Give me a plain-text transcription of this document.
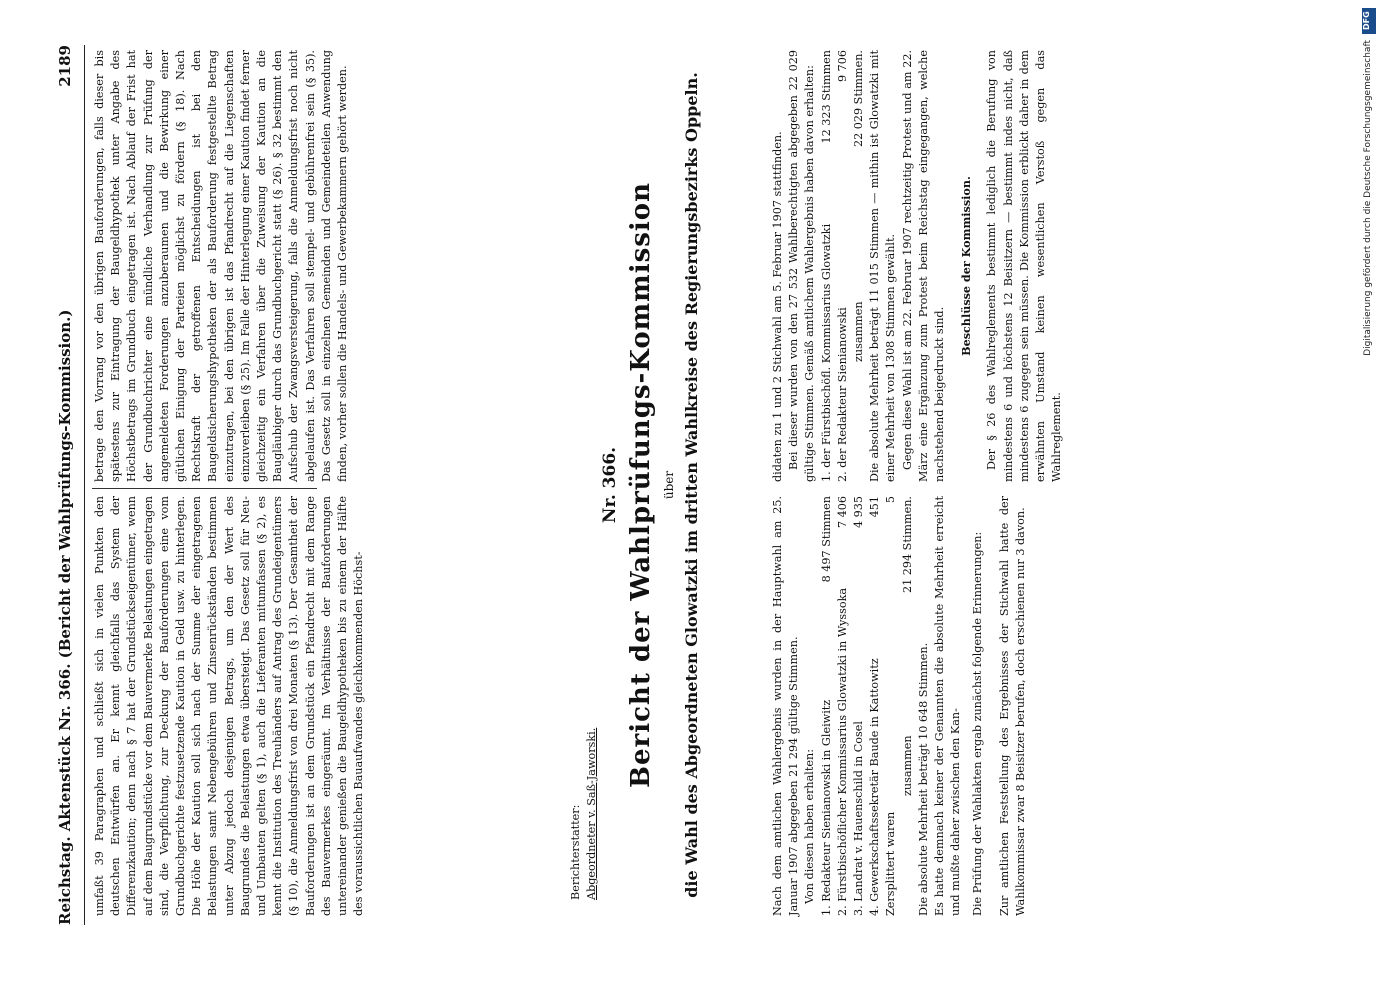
Reichstag. Aktenstück Nr. 366. (Bericht der Wahlprüfungs-Kommission.)
2189

umfaßt 39 Paragraphen und schließt sich in vielen Punkten den deutschen Entwürfen an. Er kennt gleichfalls das System der Differenzkaution; denn nach § 7 hat der Grundstückseigentümer, wenn auf dem Baugrundstücke vor dem Bauvermerke Belastungen eingetragen sind, die Verpflichtung, zur Deckung der Bauforderungen eine vom Grundbuchgerichte festzusetzende Kaution in Geld usw. zu hinterlegen. Die Höhe der Kaution soll sich nach der Summe der eingetragenen Belastungen samt Nebengebühren und Zinsenrückständen bestimmen unter Abzug jedoch desjenigen Betrags, um den der Wert des Baugrundes die Belastungen etwa übersteigt. Das Gesetz soll für Neu- und Umbauten gelten (§ 1), auch die Lieferanten mitumfassen (§ 2), es kennt die Institution des Treuhänders auf Antrag des Grundeigentümers (§ 10), die Anmeldungsfrist von drei Monaten (§ 13). Der Gesamtheit der Bauforderungen ist an dem Grundstück ein Pfandrecht mit dem Range des Bauvermerkes eingeräumt. Im Verhältnisse der Bauforderungen untereinander genießen die Baugeldhypotheken bis zu einem der Hälfte des voraussichtlichen Bauaufwandes gleichkommenden Höchst-

betrage den Vorrang vor den übrigen Bauforderungen, falls dieser bis spätestens zur Eintragung der Baugeldhypothek unter Angabe des Höchstbetrags im Grundbuch eingetragen ist. Nach Ablauf der Frist hat der Grundbuchrichter eine mündliche Verhandlung zur Prüfung der angemeldeten Forderungen anzuberaumen und die Bewirkung einer gütlichen Einigung der Parteien möglichst zu fördern (§ 18). Nach Rechtskraft der getroffenen Entscheidungen ist bei den Baugeldsicherungshypotheken der als Bauforderung festgestellte Betrag einzutragen, bei den übrigen ist das Pfandrecht auf die Liegenschaften einzuverleiben (§ 25). Im Falle der Hinterlegung einer Kaution findet ferner gleichzeitig ein Verfahren über die Zuweisung der Kaution an die Baugläubiger durch das Grundbuchgericht statt (§ 26). § 32 bestimmt den Aufschub der Zwangsversteigerung, falls die Anmeldungsfrist noch nicht abgelaufen ist. Das Verfahren soll stempel- und gebührenfrei sein (§ 35). Das Gesetz soll in einzelnen Gemeinden und Gemeindeteilen Anwendung finden, vorher sollen die Handels- und Gewerbekammern gehört werden.

Berichterstatter: Abgeordneter v. Saß-Jaworski.
Nr. 366. Bericht der Wahlprüfungs-Kommission über die Wahl des Abgeordneten Glowatzki im dritten Wahlkreise des Regierungsbezirks Oppeln.	Nach dem amtlichen Wahlergebnis wurden in der Hauptwahl am 25. Januar 1907 abgegeben 21 294 gültige Stimmen. Von diesen haben erhalten: 1. Redakteur Sienianowski in Gleiwitz
8 497 Stimmen
2. Fürstbischöflicher Kommissarius Glowatzki in Wyssoka
7 406
3. Landrat v. Hauenschild in Cosel
4 935
4. Gewerkschaftssekretär Baude in Kattowitz
451
Zersplittert waren
5
zusammen
21 294 Stimmen.

Die absolute Mehrheit beträgt 10 648 Stimmen. Es hatte demnach keiner der Genannten die absolute Mehrheit erreicht und mußte daher zwischen den Kan- Die Prüfung der Wahlakten ergab zunächst folgende Erinnerungen: Zur amtlichen Feststellung des Ergebnisses der Stichwahl hatte der Wahlkommissar zwar 8 Beisitzer berufen, doch erschienen nur 3 davon.

didaten zu 1 und 2 Stichwahl am 5. Februar 1907 stattfinden. Bei dieser wurden von den 27 532 Wahlberechtigten abgegeben 22 029 gültige Stimmen. Gemäß amtlichem Wahlergebnis haben davon erhalten: 1. der Fürstbischöfl. Kommissarius Glowatzki
12 323 Stimmen
2. der Redakteur Sienianowski
9 706
zusammen
22 029 Stimmen. Die absolute Mehrheit beträgt 11 015 Stimmen — mithin ist Glowatzki mit einer Mehrheit von 1308 Stimmen gewählt. Gegen diese Wahl ist am 22. Februar 1907 rechtzeitig Protest und am 22. März eine Ergänzung zum Protest beim Reichstag eingegangen, welche nachstehend beigedruckt sind.

Beschlüsse der Kommission. Der § 26 des Wahlreglements bestimmt lediglich die Berufung von mindestens 6 und höchstens 12 Beisitzern — bestimmt indes nicht, daß mindestens 6 zugegen sein müssen. Die Kommission erblickt daher in dem erwähnten Umstand keinen wesentlichen Verstoß gegen das Wahlreglement.

DFG
Digitalisierung gefördert durch die Deutsche Forschungsgemeinschaft
